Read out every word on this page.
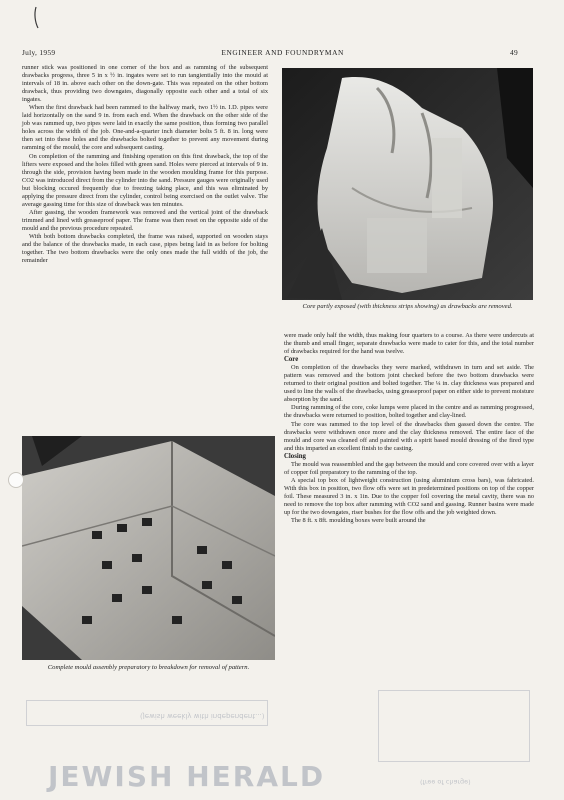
July, 1959	ENGINEER AND FOUNDRYMAN	49

runner stick was positioned in one corner of the box and as ramming of the subsequent drawbacks progress, three 5 in x ½ in. ingates were set to run tangientially into the mouid at intervals of 18 in. above each other on the down-gate. This was repeated on the other bottom drawback, thus providing two downgates, diagonally opposite each other and a total of six ingates.

When the first drawback had been rammed to the halfway mark, two 1½ in. I.D. pipes were laid horizontally on the sand 9 in. from each end. When the drawback on the other side of the job was rammed up, two pipes were laid in exactly the same position, thus forming two parallel holes across the width of the job. One-and-a-quarter inch diameter bolts 5 ft. 8 in. long were then set into these holes and the drawbacks bolted together to prevent any movement during ramming of the mould, the core and subsequent casting.

On completion of the ramming and finishing operation on this first drawback, the top of the lifters were exposed and the holes filled with green sand. Holes were pierced at intervals of 9 in. through the side, provision having been made in the wooden moulding frame for this purpose. CO2 was introduced direct from the cylinder into the sand. Pressure gauges were originally used but blocking occured frequently due to freezing taking place, and this was eliminated by applying the pressure direct from the cylinder, control being exercised on the outlet valve. The average gassing time for this size of drawback was ten minutes.

After gassing, the wooden framework was removed and the vertical joint of the drawback trimmed and lined with greaseproof paper. The frame was then reset on the opposite side of the mould and the previous procedure repeated.

With both bottom drawbacks completed, the frame was raised, supported on wooden stays and the balance of the drawbacks made, in each case, pipes being laid in as before for bolting together. The two bottom drawbacks were the only ones made the full width of the job, the remainder

Core partly exposed (with thickness strips showing) as drawbacks are removed.
Complete mould assembly preparatory to breakdown for removal of pattern.

were made only half the width, thus making four quarters to a course. As there were undercuts at the thumb and small finger, separate drawbacks were made to cater for this, and the total number of drawbacks required for the hand was twelve.

Core

On completion of the drawbacks they were marked, withdrawn in turn and set aside. The pattern was removed and the bottom joint checked before the two bottom drawbacks were returned to their original position and bolted together. The ¼ in. clay thickness was prepared and used to line the walls of the drawbacks, using greaseproof paper on either side to prevent moisture absorption by the sand.

During ramming of the core, coke lumps were placed in the centre and as ramming progressed, the drawbacks were returned to position, bolted together and clay-lined.

The core was rammed to the top level of the drawbacks then gassed down the centre. The drawbacks were withdrawn once more and the clay thickness removed. The entire face of the mould and core was cleaned off and painted with a spirit based mould dressing of the fired type and this imparted an excellent finish to the casting.

Closing

The mould was reassembled and the gap between the mould and core covered over with a layer of copper foil preparatory to the ramming of the top.

A special top box of lightweight construction (using aluminium cross bars), was fabricated. With this box in position, two flow offs were set in predetermined positions on top of the copper foil. These measured 3 in. x 1in. Due to the copper foil covering the metal cavity, there was no need to remove the top box after ramming with CO2 sand and gassing. Runner basins were made up for the two downgates, riser bushes for the flow offs and the job weighted down.

The 8 ft. x 8ft. moulding boxes were built around the

JEWISH HERALD
(Jewish weekly with independent...)
(free of charge)
